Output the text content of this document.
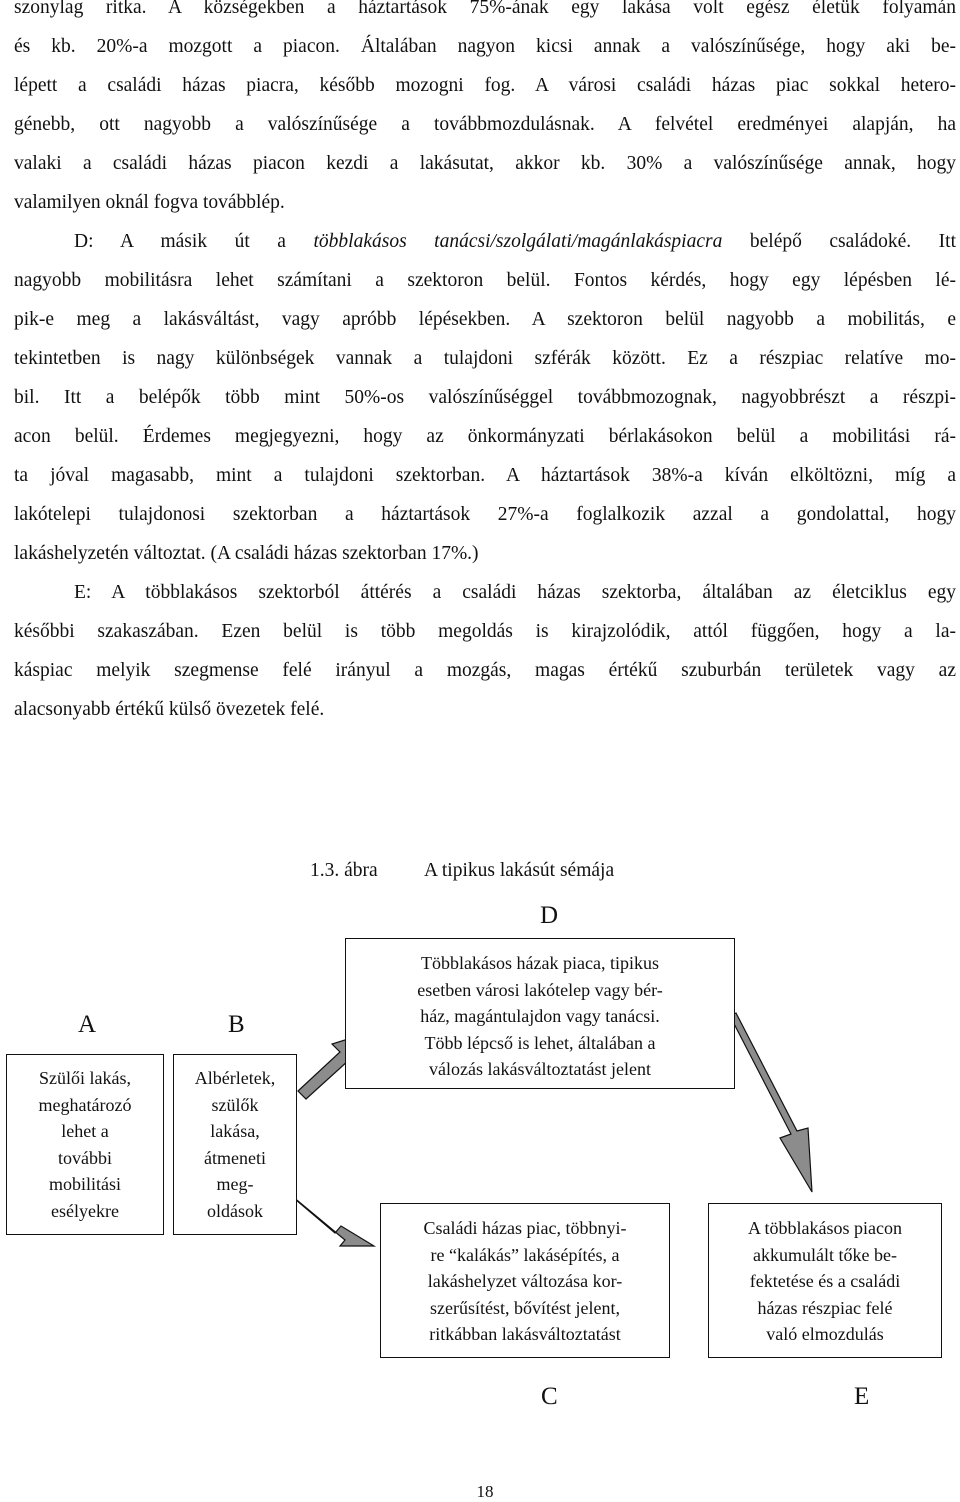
szonylag ritka. A községekben a háztartások 75%-ának egy lakása volt egész életük folyamán
és kb. 20%-a mozgott a piacon. Általában nagyon kicsi annak a valószínűsége, hogy aki be-
lépett a családi házas piacra, később mozogni fog. A városi családi házas piac sokkal hetero-
génebb, ott nagyobb a valószínűsége a továbbmozdulásnak. A felvétel eredményei alapján, ha
valaki a családi házas piacon kezdi a lakásutat, akkor kb. 30% a valószínűsége annak, hogy
valamilyen oknál fogva továbblép.
D: A másik út a többlakásos tanácsi/szolgálati/magánlakáspiacra belépő családoké. Itt
nagyobb mobilitásra lehet számítani a szektoron belül. Fontos kérdés, hogy egy lépésben lé-
pik-e meg a lakásváltást, vagy apróbb lépésekben. A szektoron belül nagyobb a mobilitás, e
tekintetben is nagy különbségek vannak a tulajdoni szférák között. Ez a részpiac relatíve mo-
bil. Itt a belépők több mint 50%-os valószínűséggel továbbmozognak, nagyobbrészt a részpi-
acon belül. Érdemes megjegyezni, hogy az önkormányzati bérlakásokon belül a mobilitási rá-
ta jóval magasabb, mint a tulajdoni szektorban. A háztartások 38%-a kíván elköltözni, míg a
lakótelepi tulajdonosi szektorban a háztartások 27%-a foglalkozik azzal a gondolattal, hogy
lakáshelyzetén változtat. (A családi házas szektorban 17%.)
E: A többlakásos szektorból áttérés a családi házas szektorba, általában az életciklus egy
későbbi szakaszában. Ezen belül is több megoldás is kirajzolódik, attól függően, hogy a la-
káspiac melyik szegmense felé irányul a mozgás, magas értékű szuburbán területek vagy az
alacsonyabb értékű külső övezetek felé.
1.3. ábra A tipikus lakásút sémája
D
A	B
C	E
Többlakásos házak piaca, tipikus
esetben városi lakótelep vagy bér-
ház, magántulajdon vagy tanácsi.
Több lépcső is lehet, általában a
válozás lakásváltoztatást jelent
Szülői lakás,
meghatározó
lehet a
további
mobilitási
esélyekre
Albérletek,
szülők
lakása,
átmeneti
meg-
oldások
Családi házas piac, többnyi-
re “kalákás” lakásépítés, a
lakáshelyzet változása kor-
szerűsítést, bővítést jelent,
ritkábban lakásváltoztatást
A többlakásos piacon
akkumulált tőke be-
fektetése és a családi
házas részpiac felé
való elmozdulás
18
